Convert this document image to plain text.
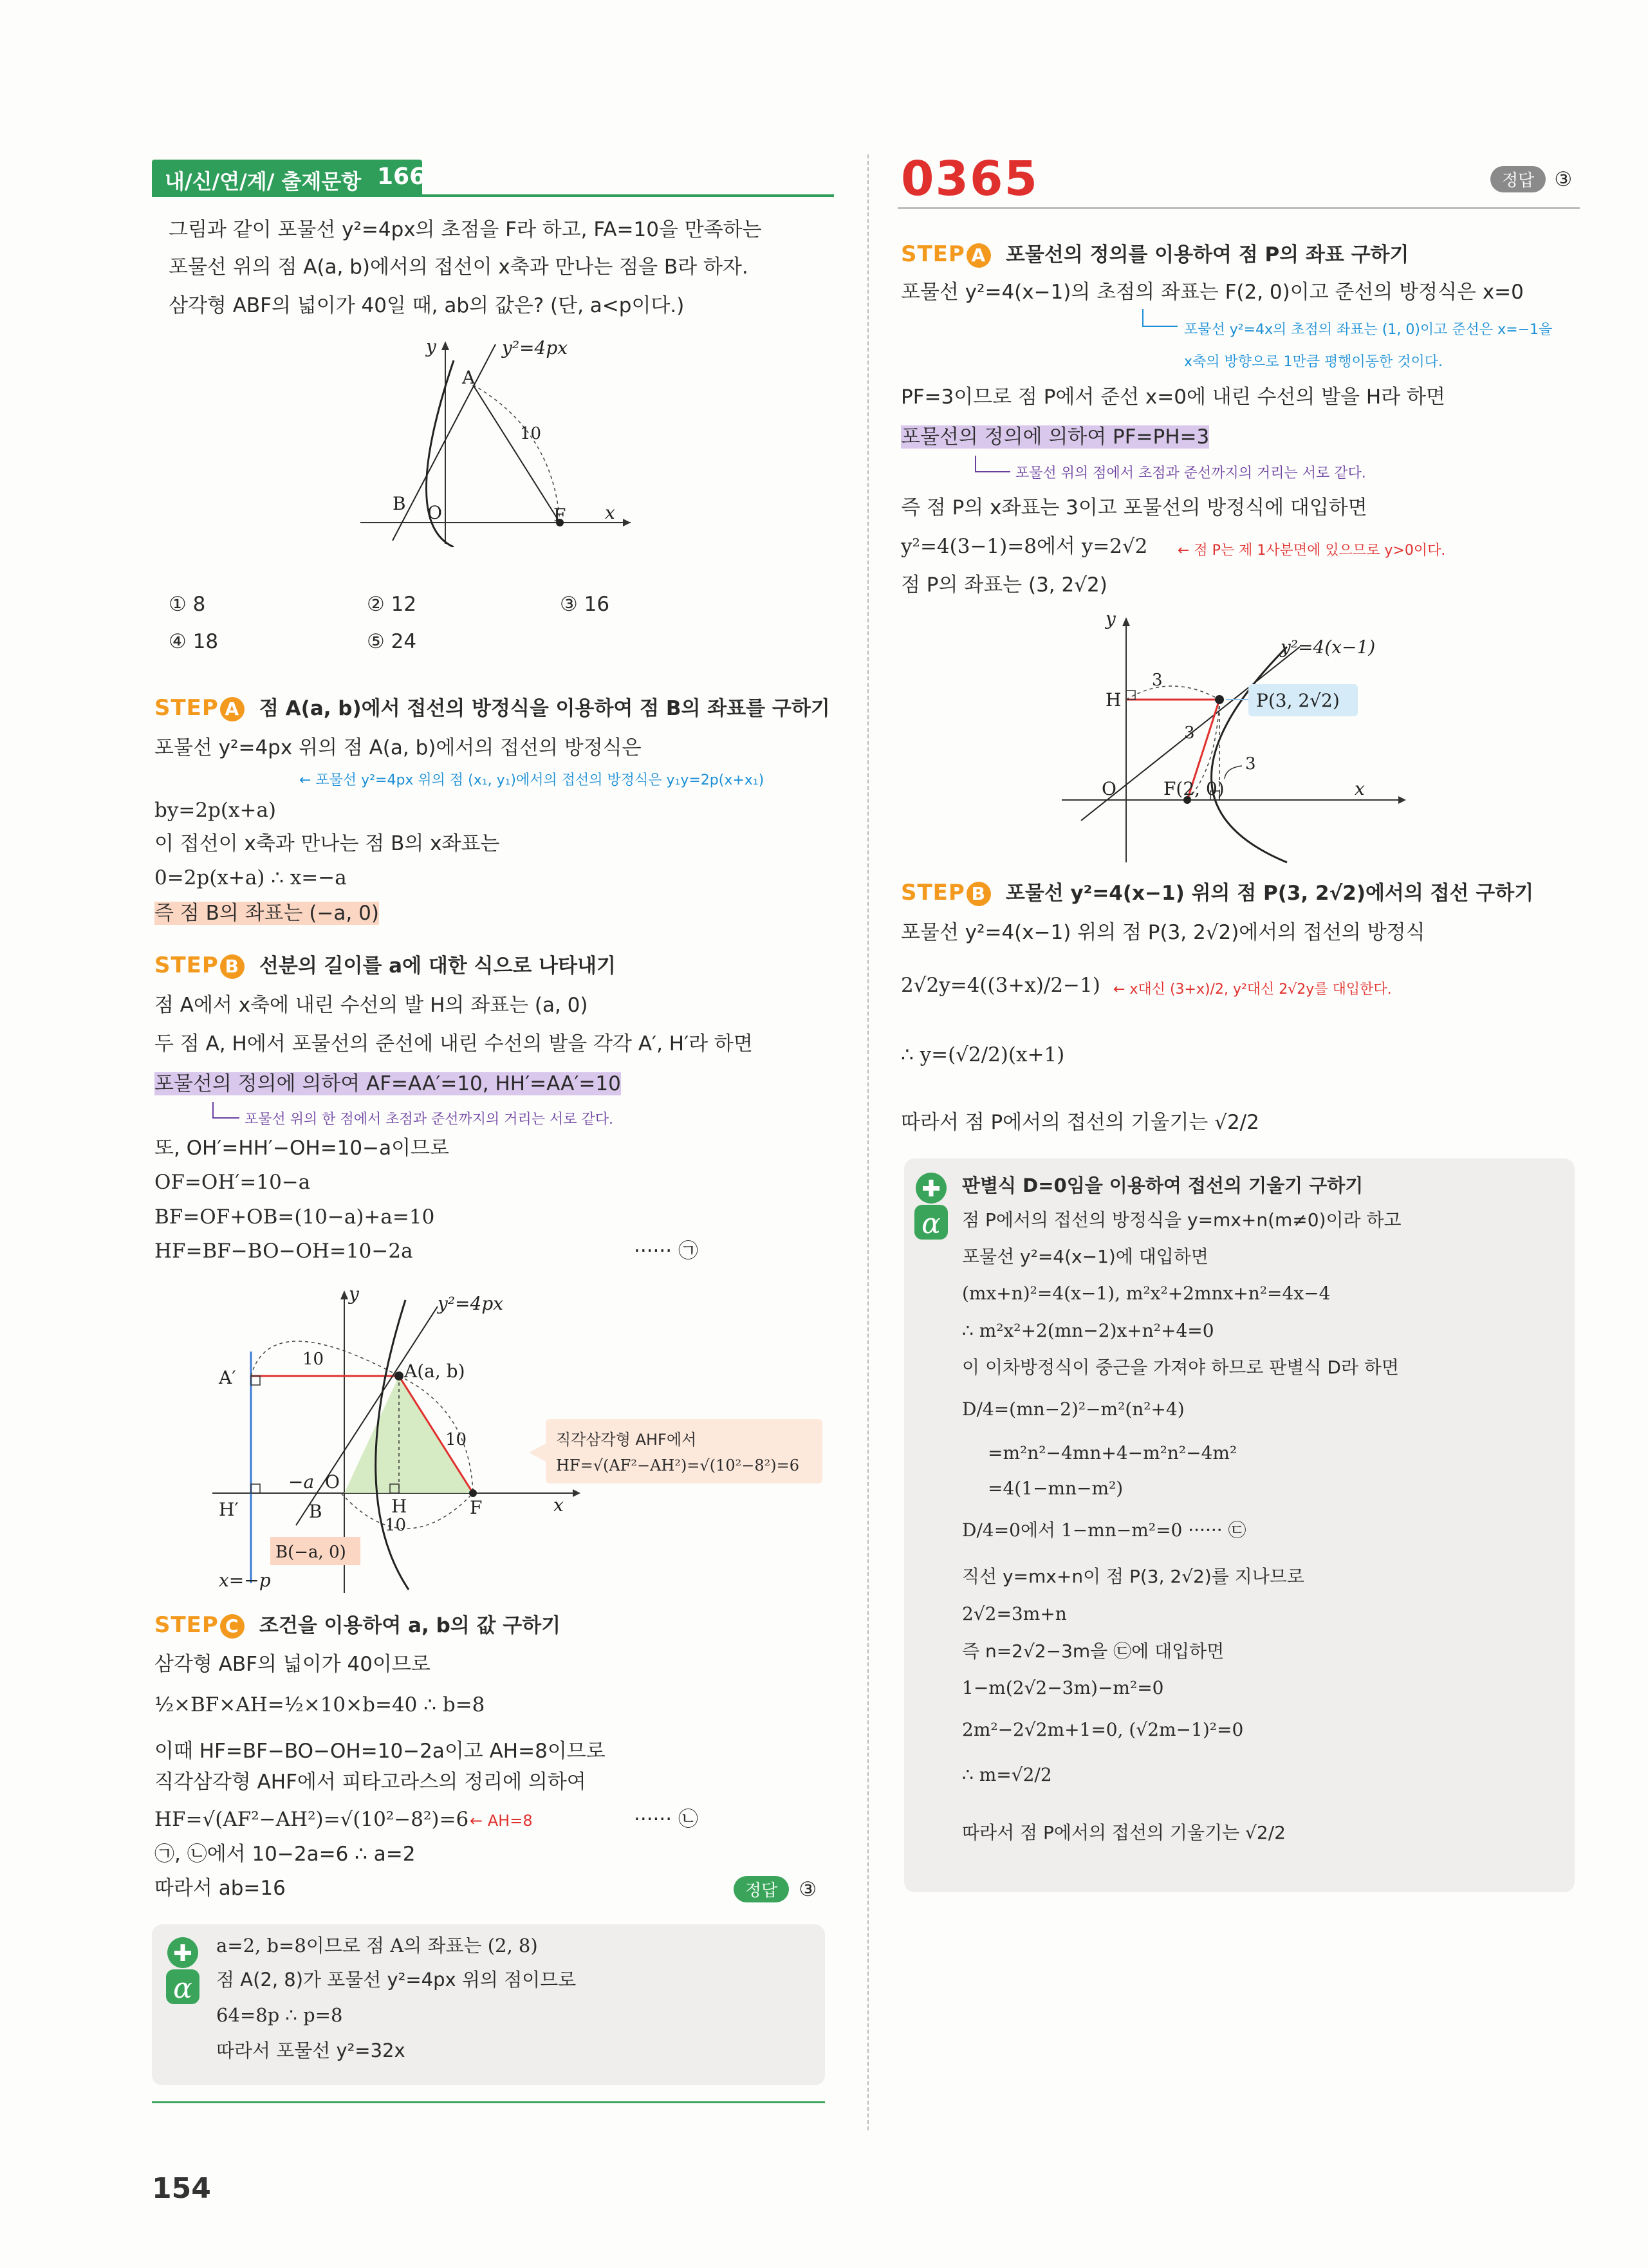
내/신/연/계/ 출제문항 166
그림과 같이 포물선 y²=4px의 초점을 F라 하고, FA=10을 만족하는
포물선 위의 점 A(a, b)에서의 접선이 x축과 만나는 점을 B라 하자.
삼각형 ABF의 넓이가 40일 때, ab의 값은? (단, a<p이다.)
y²=4px
A
10
B O	F x
y
① 8	② 12	③ 16
④ 18	⑤ 24
STEP A 점 A(a, b)에서 접선의 방정식을 이용하여 점 B의 좌표를 구하기
포물선 y²=4px 위의 점 A(a, b)에서의 접선의 방정식은
← 포물선 y²=4px 위의 점 (x₁, y₁)에서의 접선의 방정식은 y₁y=2p(x+x₁)
by=2p(x+a)
이 접선이 x축과 만나는 점 B의 x좌표는
0=2p(x+a) ∴ x=−a
즉 점 B의 좌표는 (−a, 0)
STEP B 선분의 길이를 a에 대한 식으로 나타내기
점 A에서 x축에 내린 수선의 발 H의 좌표는 (a, 0)
두 점 A, H에서 포물선의 준선에 내린 수선의 발을 각각 A′, H′라 하면
포물선의 정의에 의하여 AF=AA′=10, HH′=AA′=10
포물선 위의 한 점에서 초점과 준선까지의 거리는 서로 같다.
또, OH′=HH′−OH=10−a이므로
OF=OH′=10−a
BF=OF+OB=(10−a)+a=10
HF=BF−BO−OH=10−2a	······ ㉠
y²=4px
A(a, b)
A′
10
10
−a O
H′	B	H
10
F	x
y
B(−a, 0)
x=−p
직각삼각형 AHF에서
HF=√(AF²−AH²)=√(10²−8²)=6
STEP C 조건을 이용하여 a, b의 값 구하기
삼각형 ABF의 넓이가 40이므로
½×BF×AH=½×10×b=40 ∴ b=8
이때 HF=BF−BO−OH=10−2a이고 AH=8이므로
직각삼각형 AHF에서 피타고라스의 정리에 의하여
HF=√(AF²−AH²)=√(10²−8²)=6 ← AH=8	······ ㉡
㉠, ㉡에서 10−2a=6 ∴ a=2
따라서 ab=16	정답 ③
α
a=2, b=8이므로 점 A의 좌표는 (2, 8)
점 A(2, 8)가 포물선 y²=4px 위의 점이므로
64=8p ∴ p=8
따라서 포물선 y²=32x
154
0365	정답 ③
STEP A 포물선의 정의를 이용하여 점 P의 좌표 구하기
포물선 y²=4(x−1)의 초점의 좌표는 F(2, 0)이고 준선의 방정식은 x=0
포물선 y²=4x의 초점의 좌표는 (1, 0)이고 준선은 x=−1을
x축의 방향으로 1만큼 평행이동한 것이다.
PF=3이므로 점 P에서 준선 x=0에 내린 수선의 발을 H라 하면
포물선의 정의에 의하여 PF=PH=3
포물선 위의 점에서 초점과 준선까지의 거리는 서로 같다.
즉 점 P의 x좌표는 3이고 포물선의 방정식에 대입하면
y²=4(3−1)=8에서 y=2√2 ← 점 P는 제 1사분면에 있으므로 y>0이다.
점 P의 좌표는 (3, 2√2)
P(3, 2√2)
y²=4(x−1)
H
3
3
3
O	F(2, 0)	x
y
STEP B 포물선 y²=4(x−1) 위의 점 P(3, 2√2)에서의 접선 구하기
포물선 y²=4(x−1) 위의 점 P(3, 2√2)에서의 접선의 방정식
2√2y=4((3+x)/2−1) ← x대신 (3+x)/2, y²대신 2√2y를 대입한다.
∴ y=(√2/2)(x+1)
따라서 점 P에서의 접선의 기울기는 √2/2
α
판별식 D=0임을 이용하여 접선의 기울기 구하기
점 P에서의 접선의 방정식을 y=mx+n(m≠0)이라 하고
포물선 y²=4(x−1)에 대입하면
(mx+n)²=4(x−1), m²x²+2mnx+n²=4x−4
∴ m²x²+2(mn−2)x+n²+4=0
이 이차방정식이 중근을 가져야 하므로 판별식 D라 하면
D/4=(mn−2)²−m²(n²+4)
=m²n²−4mn+4−m²n²−4m²
=4(1−mn−m²)
D/4=0에서 1−mn−m²=0 ······ ㉢
직선 y=mx+n이 점 P(3, 2√2)를 지나므로
2√2=3m+n
즉 n=2√2−3m을 ㉢에 대입하면
1−m(2√2−3m)−m²=0
2m²−2√2m+1=0, (√2m−1)²=0
∴ m=√2/2
따라서 점 P에서의 접선의 기울기는 √2/2
